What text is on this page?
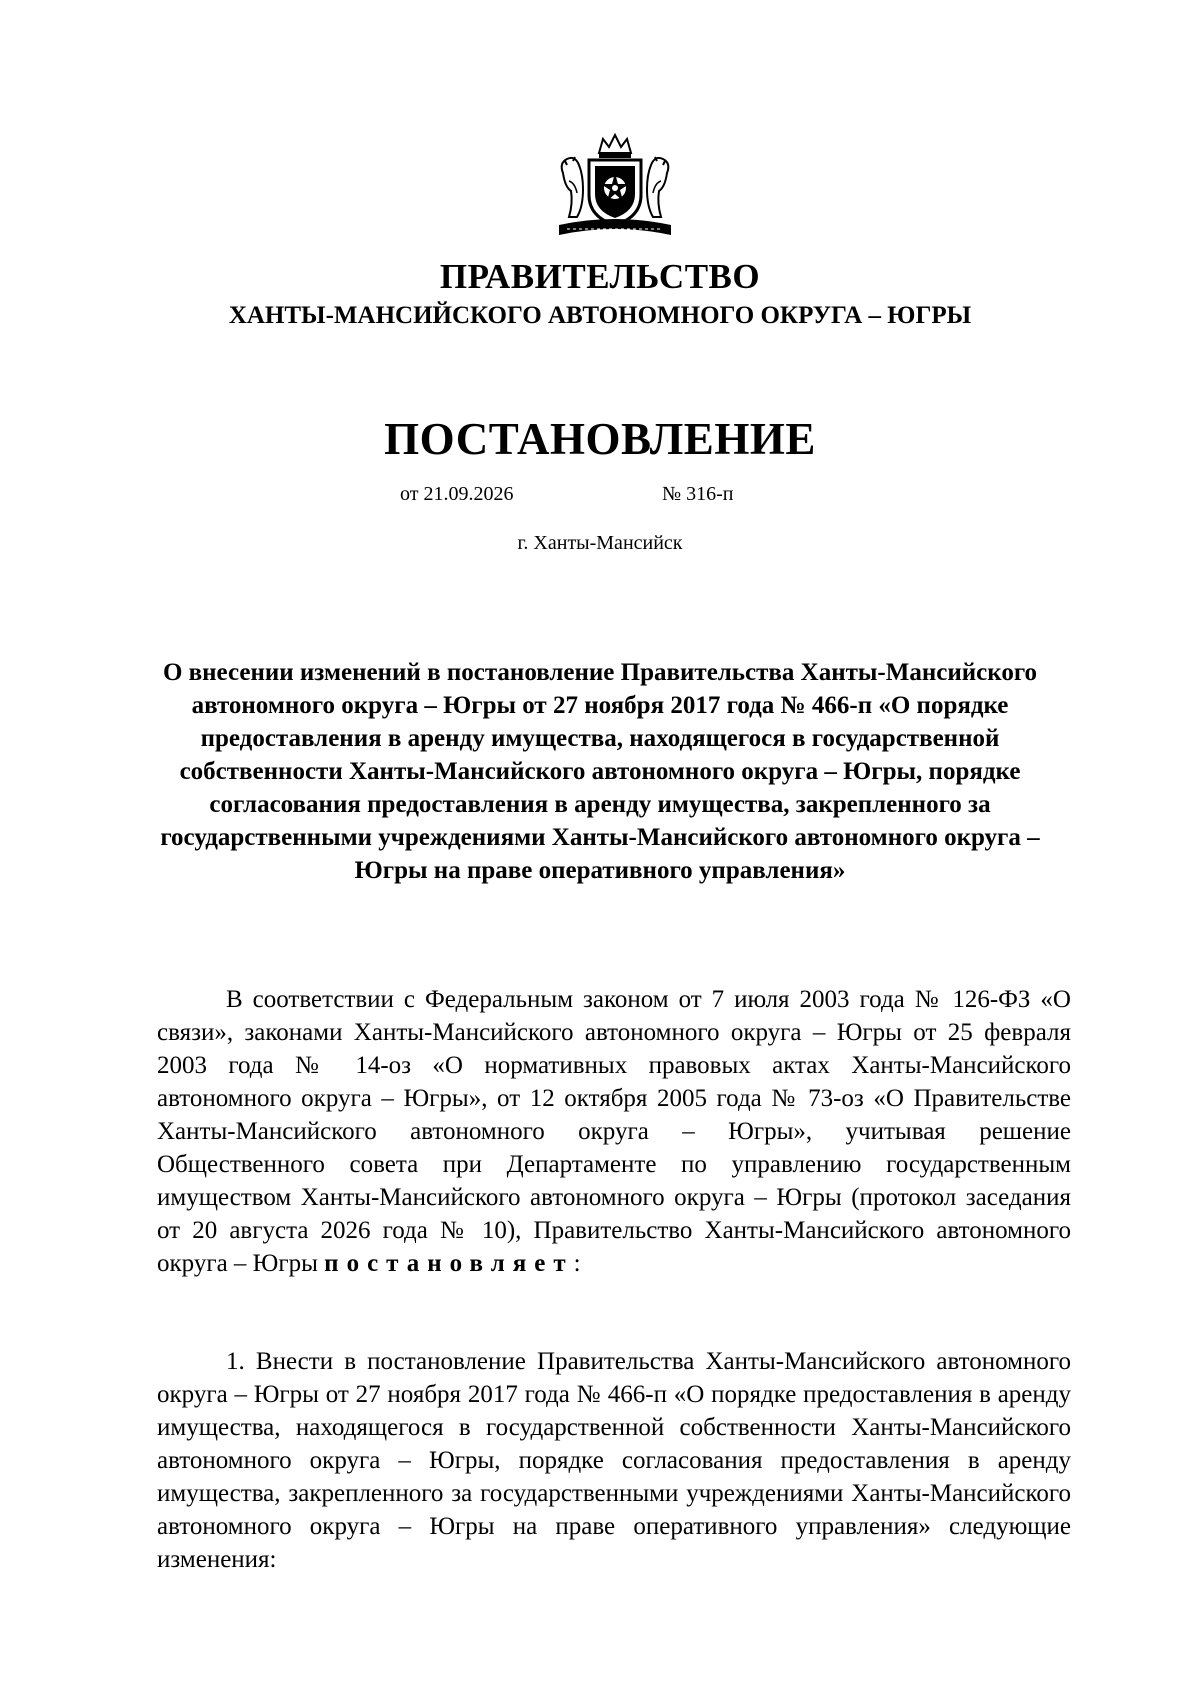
ПРАВИТЕЛЬСТВО
ХАНТЫ-МАНСИЙСКОГО АВТОНОМНОГО ОКРУГА – ЮГРЫ
ПОСТАНОВЛЕНИЕ
от 21.09.2026	№ 316-п
г. Ханты-Мансийск
О внесении изменений в постановление Правительства Ханты-Мансийского автономного округа – Югры от 27 ноября 2017 года № 466-п «О порядке предоставления в аренду имущества, находящегося в государственной собственности Ханты-Мансийского автономного округа – Югры, порядке согласования предоставления в аренду имущества, закрепленного за государственными учреждениями Ханты-Мансийского автономного округа – Югры на праве оперативного управления»

В соответствии с Федеральным законом от 7 июля 2003 года № 126-ФЗ «О связи», законами Ханты-Мансийского автономного округа – Югры от 25 февраля 2003 года № 14-оз «О нормативных правовых актах Ханты-Мансийского автономного округа – Югры», от 12 октября 2005 года № 73-оз «О Правительстве Ханты-Мансийского автономного округа – Югры», учитывая решение Общественного совета при Департаменте по управлению государственным имуществом Ханты-Мансийского автономного округа – Югры (протокол заседания от 20 августа 2026 года № 10), Правительство Ханты-Мансийского автономного округа – Югры постановляет:

1. Внести в постановление Правительства Ханты-Мансийского автономного округа – Югры от 27 ноября 2017 года № 466-п «О порядке предоставления в аренду имущества, находящегося в государственной собственности Ханты-Мансийского автономного округа – Югры, порядке согласования предоставления в аренду имущества, закрепленного за государственными учреждениями Ханты-Мансийского автономного округа – Югры на праве оперативного управления» следующие изменения:
